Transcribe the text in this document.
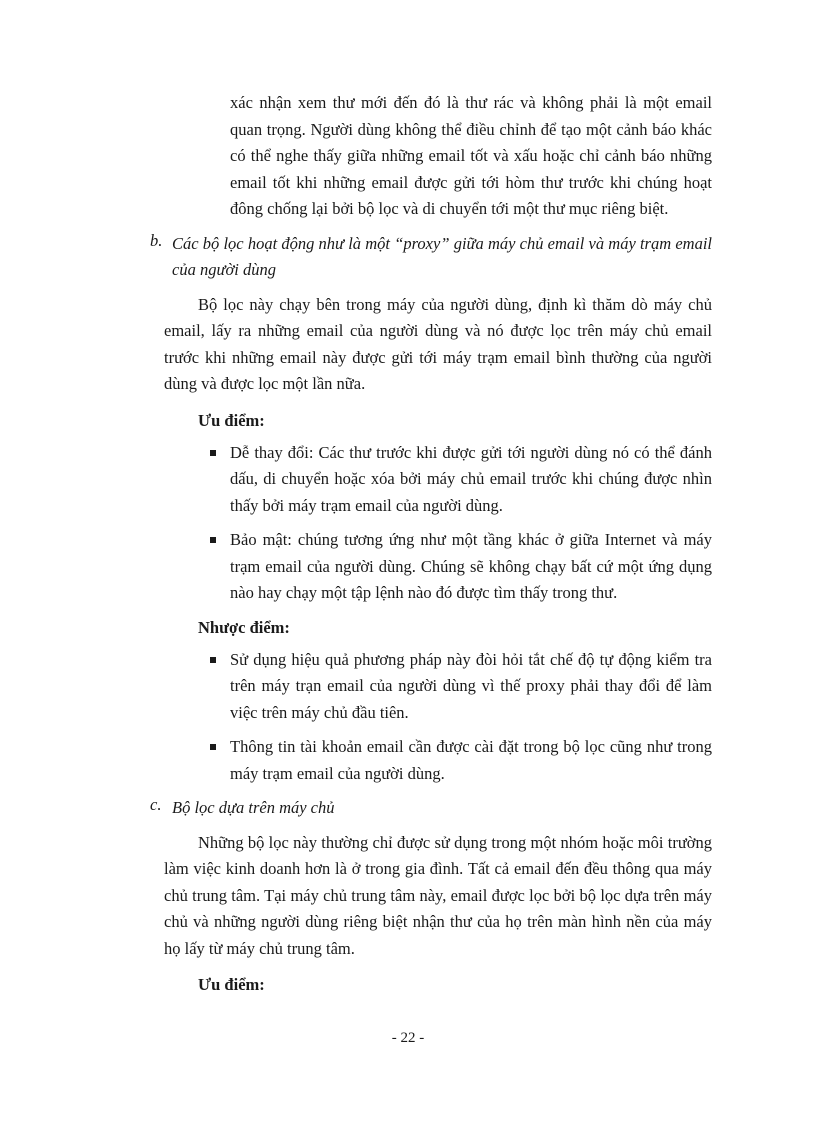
xác nhận xem thư mới đến đó là thư rác và không phải là một email quan trọng. Người dùng không thể điều chỉnh để tạo một cảnh báo khác có thể nghe thấy giữa những email tốt và xấu hoặc chỉ cảnh báo những email tốt khi những email được gửi tới hòm thư trước khi chúng hoạt đông chống lại bởi bộ lọc và di chuyển tới một thư mục riêng biệt.

b. Các bộ lọc hoạt động như là một “proxy” giữa máy chủ email và máy trạm email của người dùng

Bộ lọc này chạy bên trong máy của người dùng, định kì thăm dò máy chủ email, lấy ra những email của người dùng và nó được lọc trên máy chủ email trước khi những email này được gửi tới máy trạm email bình thường của người dùng và được lọc một lần nữa.

Ưu điểm:
Dễ thay đổi: Các thư trước khi được gửi tới người dùng nó có thể đánh dấu, di chuyển hoặc xóa bởi máy chủ email trước khi chúng được nhìn thấy bởi máy trạm email của người dùng.
Bảo mật: chúng tương ứng như một tầng khác ở giữa Internet và máy trạm email của người dùng. Chúng sẽ không chạy bất cứ một ứng dụng nào hay chạy một tập lệnh nào đó được tìm thấy trong thư.
Nhược điểm:
Sử dụng hiệu quả phương pháp này đòi hỏi tắt chế độ tự động kiểm tra trên máy trạn email của người dùng vì thế proxy phải thay đổi để làm việc trên máy chủ đầu tiên.
Thông tin tài khoản email cần được cài đặt trong bộ lọc cũng như trong máy trạm email của người dùng.
c. Bộ lọc dựa trên máy chủ

Những bộ lọc này thường chỉ được sử dụng trong một nhóm hoặc môi trường làm việc kinh doanh hơn là ở trong gia đình. Tất cả email đến đều thông qua máy chủ trung tâm. Tại máy chủ trung tâm này, email được lọc bởi bộ lọc dựa trên máy chủ và những người dùng riêng biệt nhận thư của họ trên màn hình nền của máy họ lấy từ máy chủ trung tâm.

Ưu điểm:
- 22 -
